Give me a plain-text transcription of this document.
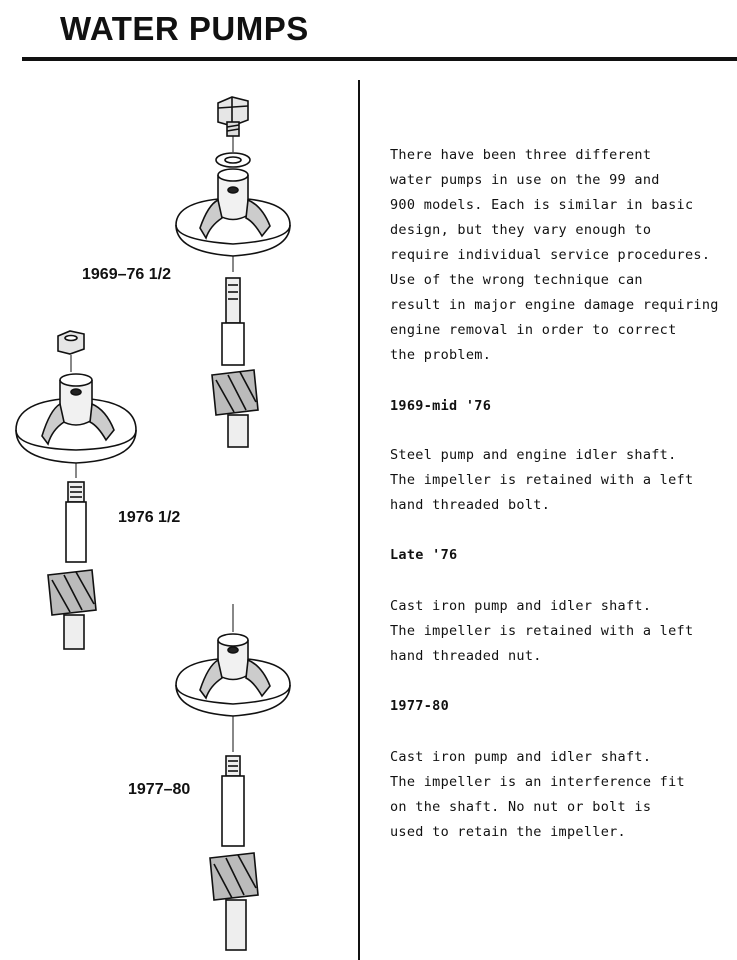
WATER PUMPS
1969–76 1/2
1976 1/2
1977–80

There have been three different

water pumps in use on the 99 and

900 models. Each is similar in basic

design, but they vary enough to

require individual service procedures.

Use of the wrong technique can

result in major engine damage requiring

engine removal in order to correct

the problem.

1969-mid '76

Steel pump and engine idler shaft.

The impeller is retained with a left

hand threaded bolt.

Late '76

Cast iron pump and idler shaft.

The impeller is retained with a left

hand threaded nut.

1977-80

Cast iron pump and idler shaft.

The impeller is an interference fit

on the shaft. No nut or bolt is

used to retain the impeller.
